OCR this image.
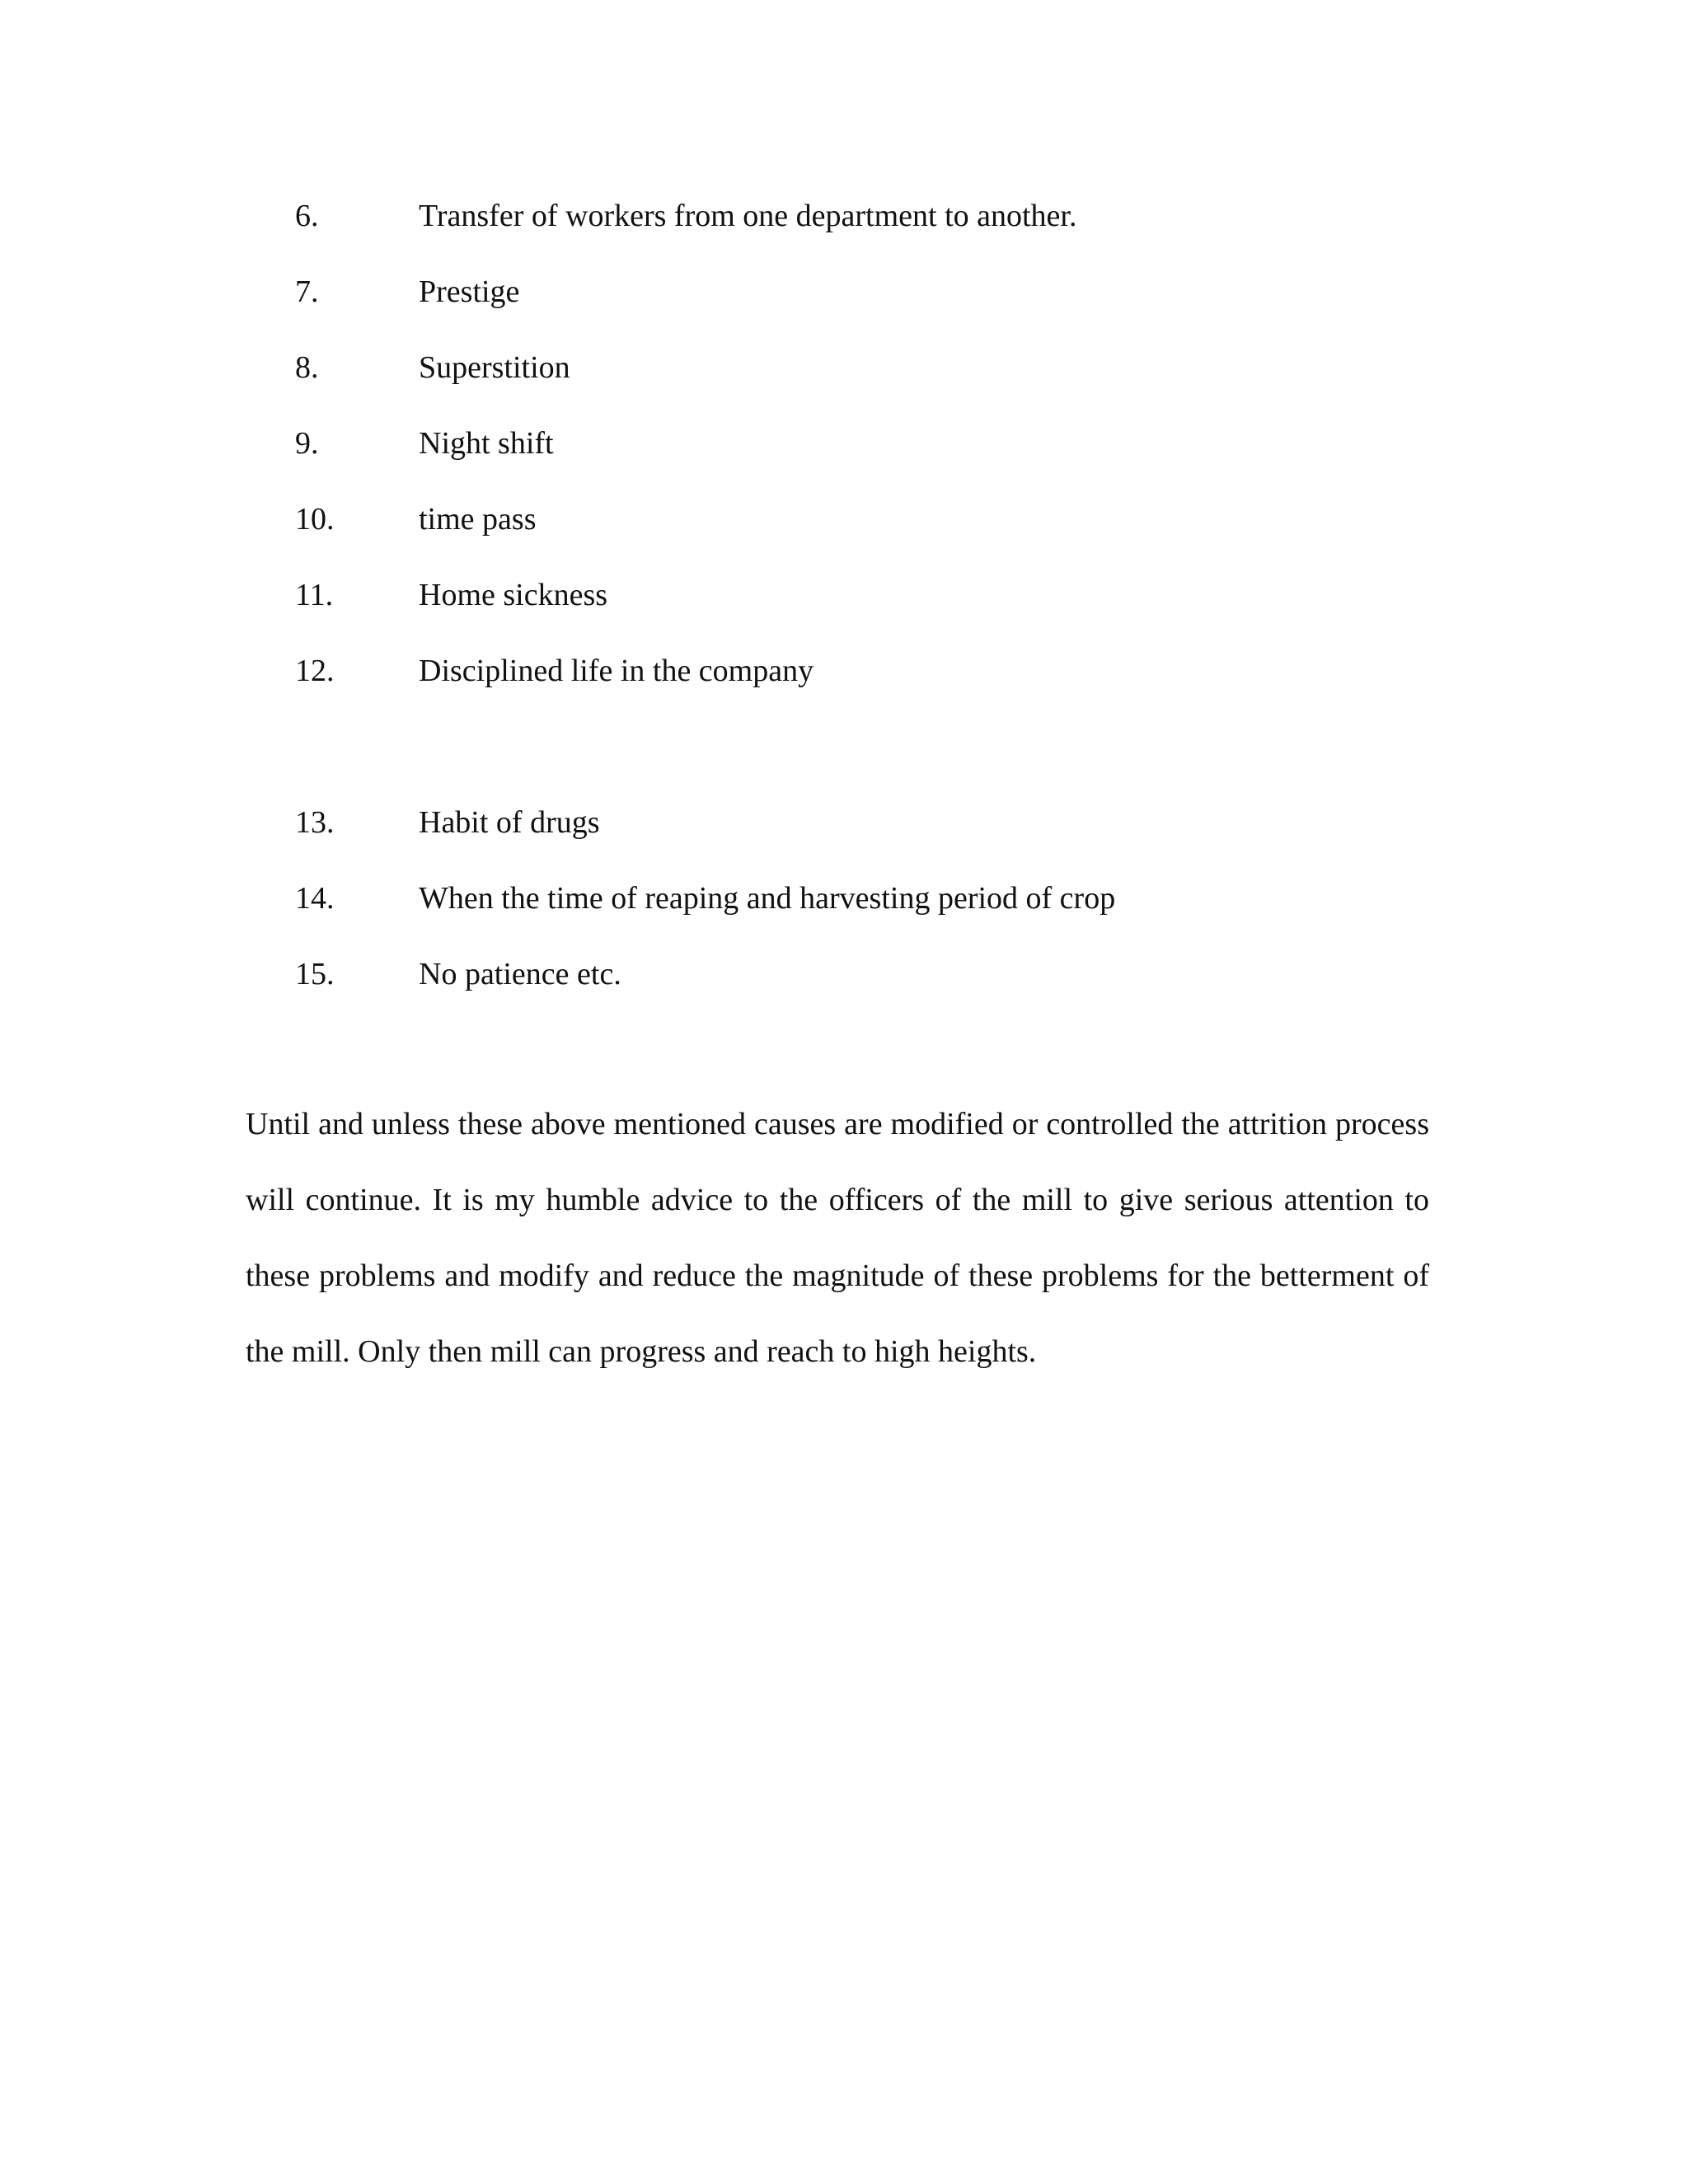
6.	Transfer of workers from one department to another.
7.	Prestige
8.	Superstition
9.	Night shift
10.	time pass
11.	Home sickness
12.	Disciplined life in the company
13.	Habit of drugs
14.	When the time of reaping and harvesting period of crop
15.	No patience etc.

Until and unless these above mentioned causes are modified or controlled the attrition process will continue. It is my humble advice to the officers of the mill to give serious attention to these problems and modify and reduce the magnitude of these problems for the betterment of the mill. Only then mill can progress and reach to high heights.
